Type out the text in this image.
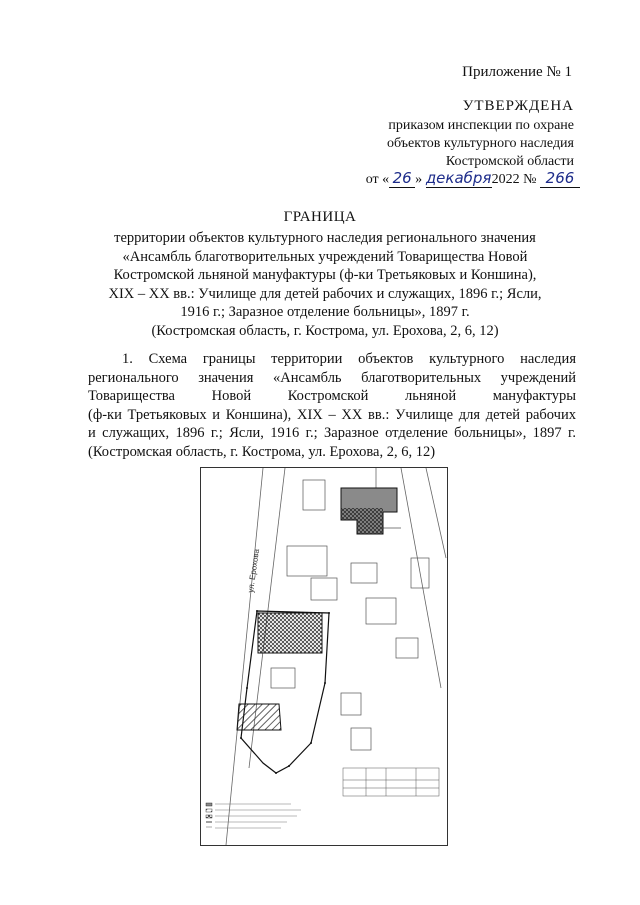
Приложение № 1
УТВЕРЖДЕНА
приказом инспекции по охране
объектов культурного наследия
Костромской области
от « 26 » декабря2022 № 266
ГРАНИЦА
территории объектов культурного наследия регионального значения
«Ансамбль благотворительных учреждений Товарищества Новой
Костромской льняной мануфактуры (ф-ки Третьяковых и Коншина),
XIX – XX вв.: Училище для детей рабочих и служащих, 1896 г.; Ясли,
1916 г.; Заразное отделение больницы», 1897 г.
(Костромская область, г. Кострома, ул. Ерохова, 2, 6, 12)
1. Схема границы территории объектов культурного наследия
регионального значения «Ансамбль благотворительных учреждений
Товарищества Новой Костромской льняной мануфактуры
(ф-ки Третьяковых и Коншина), XIX – XX вв.: Училище для детей рабочих
и служащих, 1896 г.; Ясли, 1916 г.; Заразное отделение больницы», 1897 г.
(Костромская область, г. Кострома, ул. Ерохова, 2, 6, 12)
ул. Ерохова
